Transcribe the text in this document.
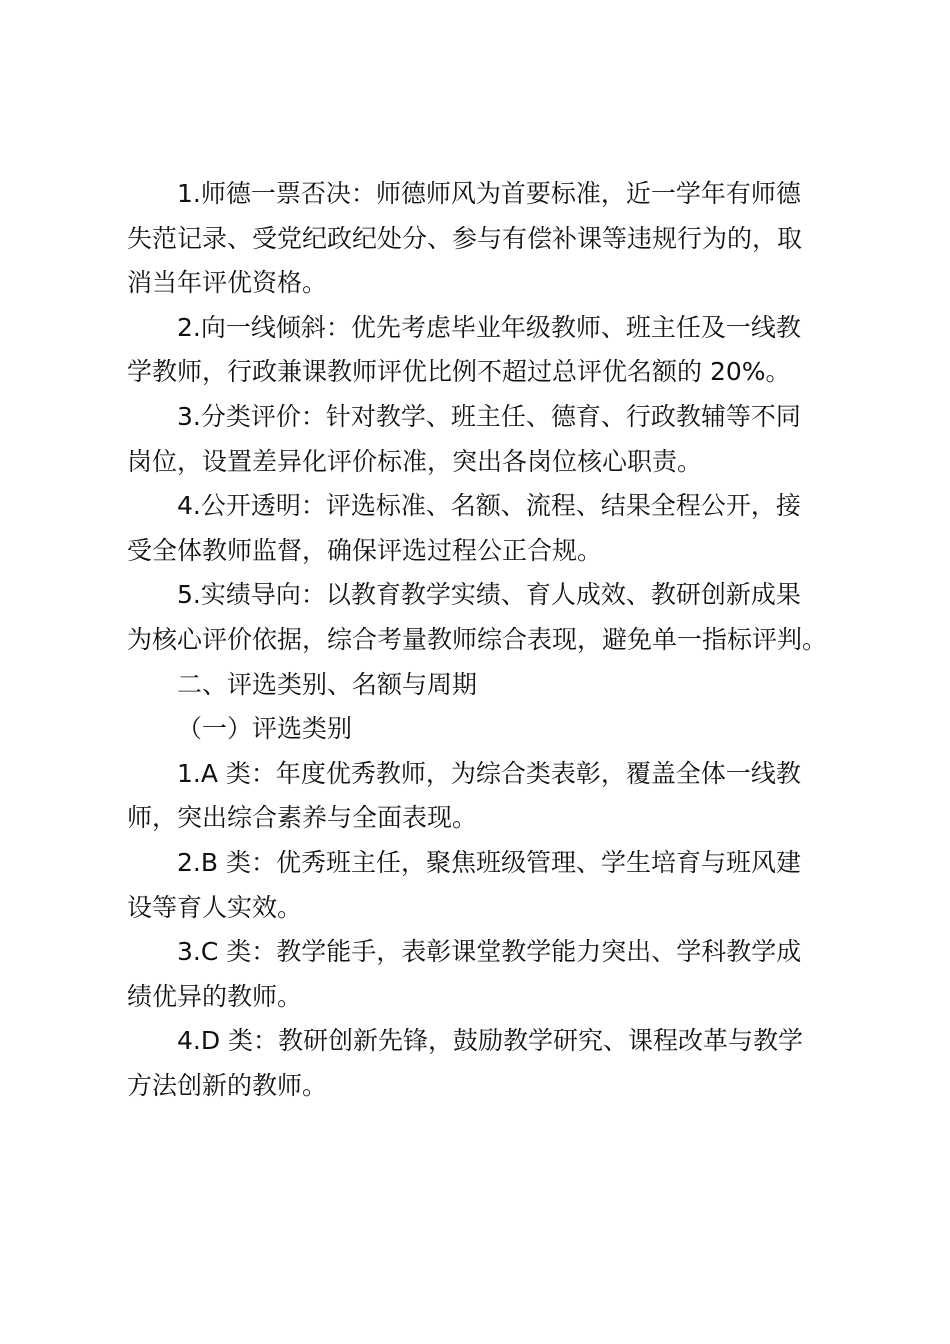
1.师德一票否决：师德师风为首要标准，近一学年有师德
失范记录、受党纪政纪处分、参与有偿补课等违规行为的，取
消当年评优资格。
2.向一线倾斜：优先考虑毕业年级教师、班主任及一线教
学教师，行政兼课教师评优比例不超过总评优名额的 20%。
3.分类评价：针对教学、班主任、德育、行政教辅等不同
岗位，设置差异化评价标准，突出各岗位核心职责。
4.公开透明：评选标准、名额、流程、结果全程公开，接
受全体教师监督，确保评选过程公正合规。
5.实绩导向：以教育教学实绩、育人成效、教研创新成果
为核心评价依据，综合考量教师综合表现，避免单一指标评判。
二、评选类别、名额与周期
（一）评选类别
1.A 类：年度优秀教师，为综合类表彰，覆盖全体一线教
师，突出综合素养与全面表现。
2.B 类：优秀班主任，聚焦班级管理、学生培育与班风建
设等育人实效。
3.C 类：教学能手，表彰课堂教学能力突出、学科教学成
绩优异的教师。
4.D 类：教研创新先锋，鼓励教学研究、课程改革与教学
方法创新的教师。
